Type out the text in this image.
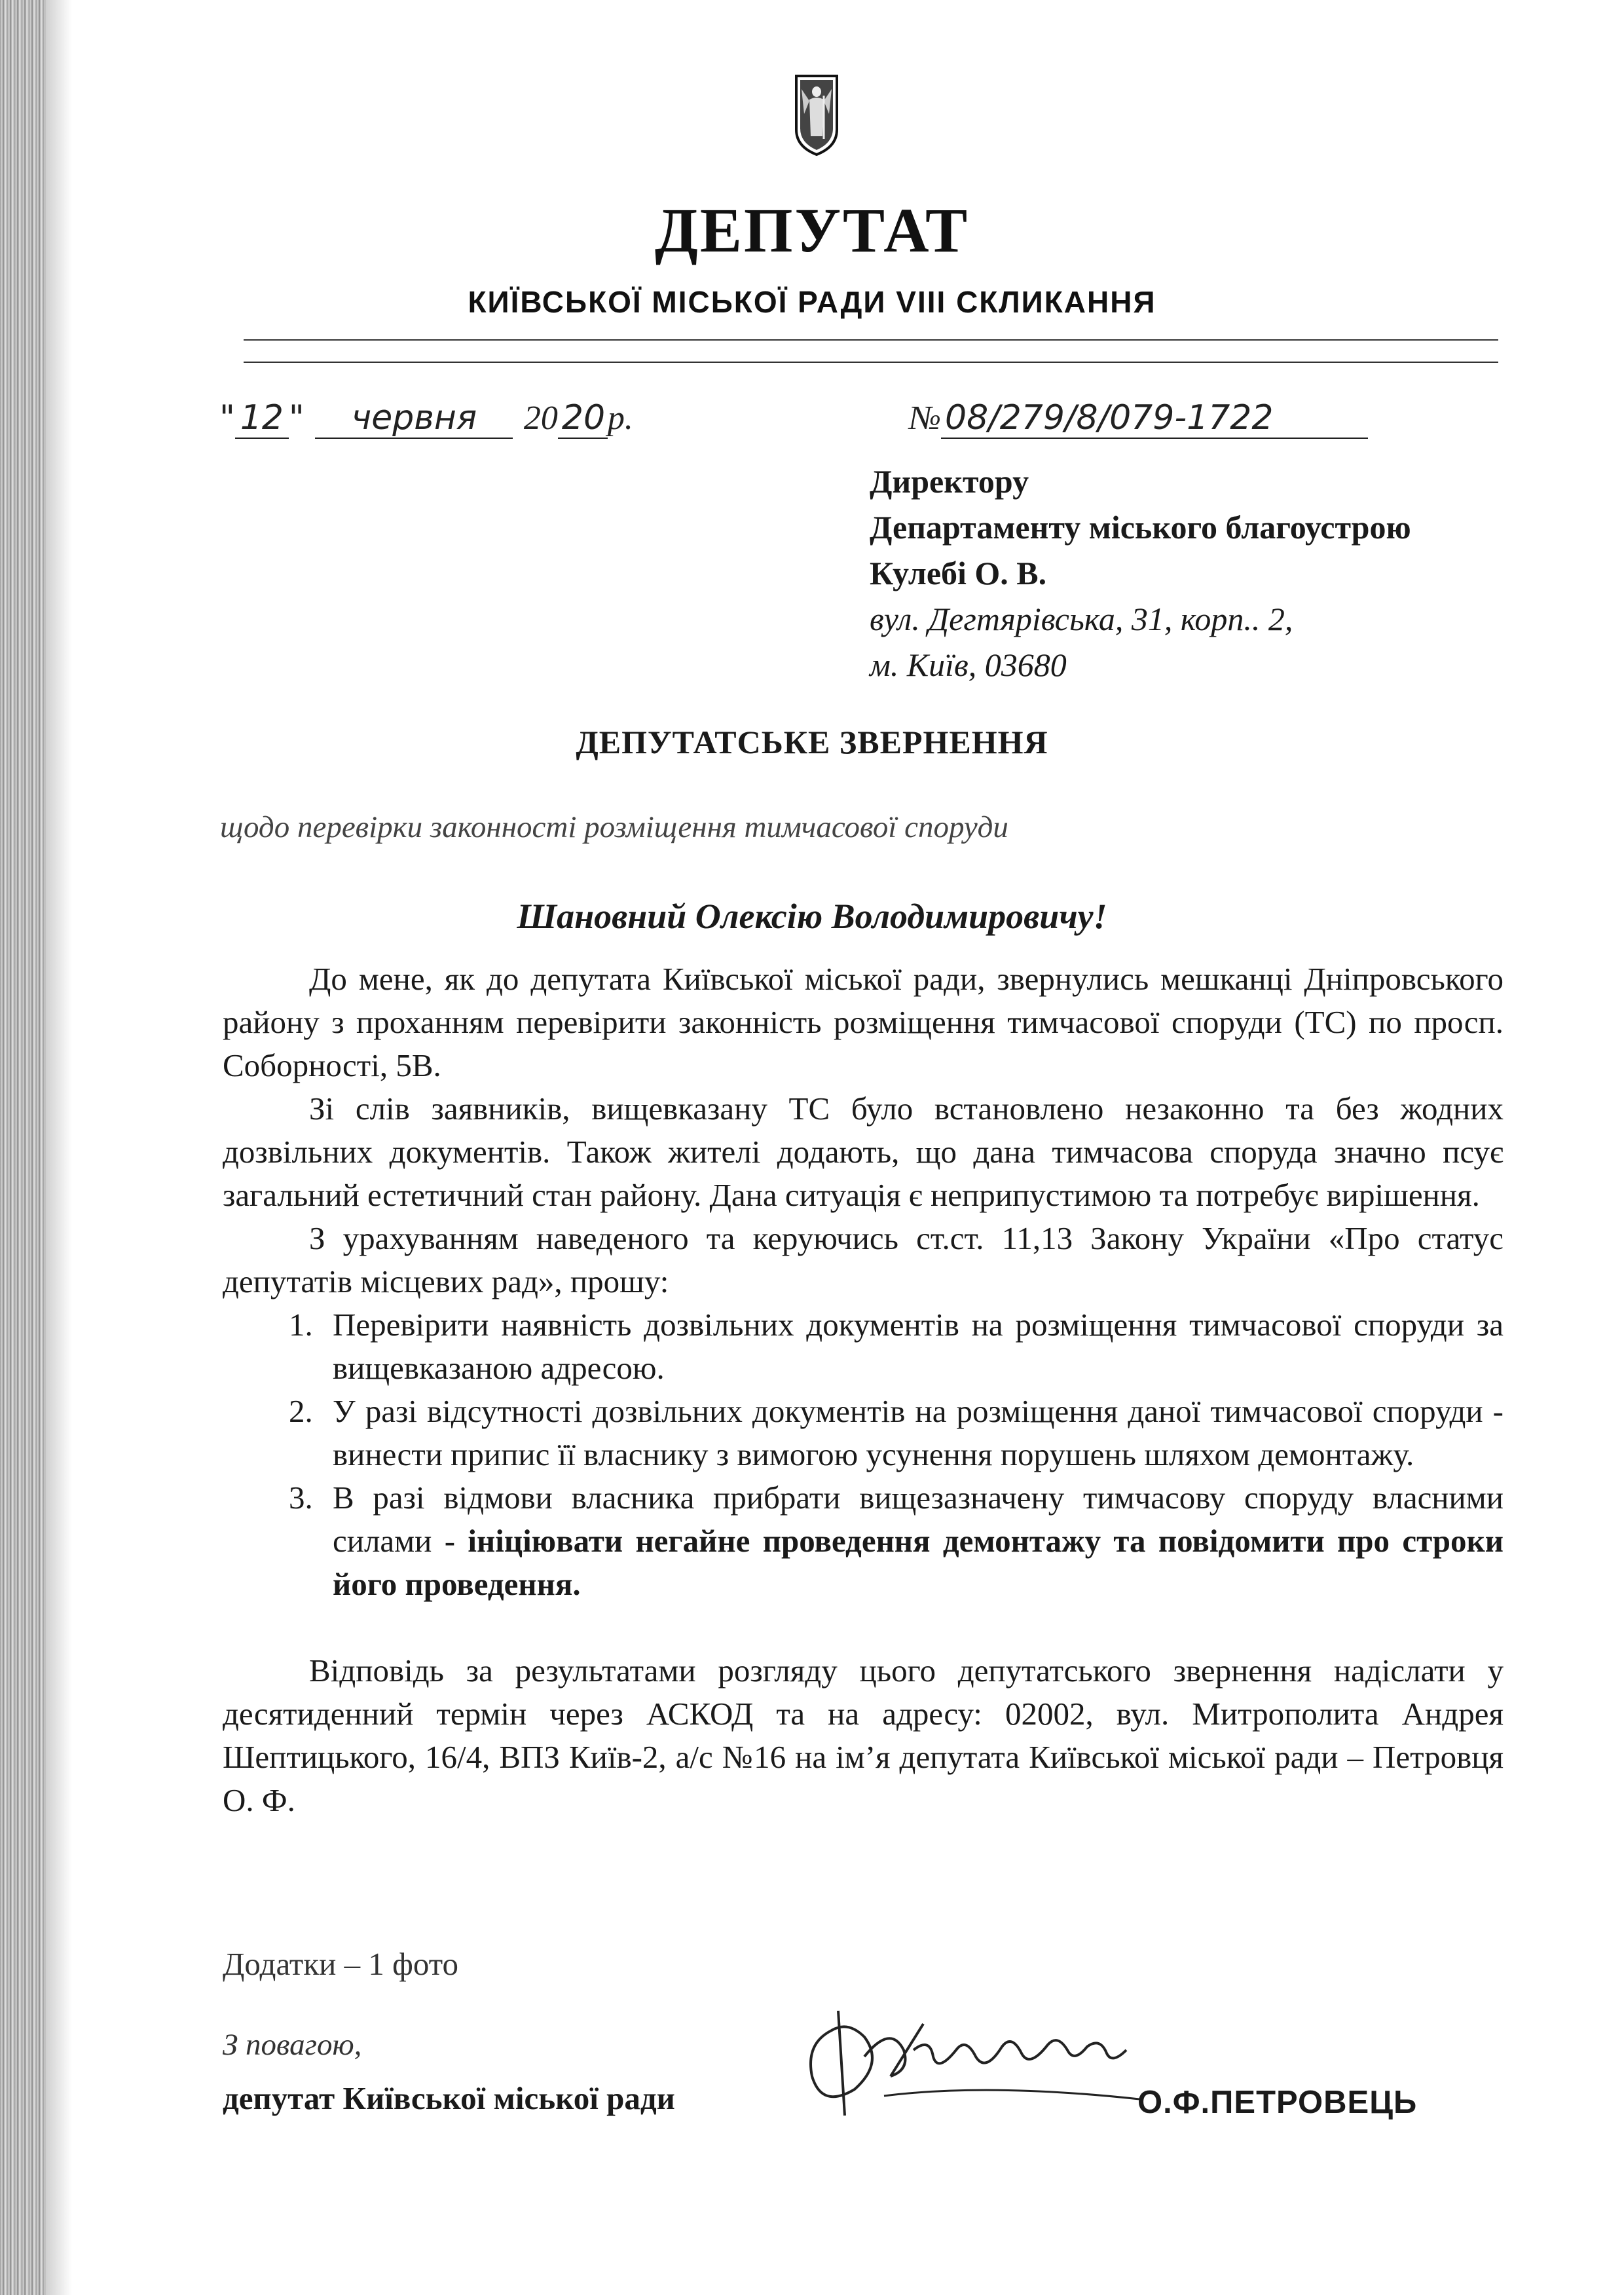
ДЕПУТАТ
КИЇВСЬКОЇ МІСЬКОЇ РАДИ VIII СКЛИКАННЯ
" 12 " червня 20 20р.	№ 08/279/8/079-1722
Директору
Департаменту міського благоустрою
Кулебі О. В.
вул. Дегтярівська, 31, корп.. 2,
м. Київ, 03680
ДЕПУТАТСЬКЕ ЗВЕРНЕННЯ
щодо перевірки законності розміщення тимчасової споруди
Шановний Олексію Володимировичу!

До мене, як до депутата Київської міської ради, звернулись мешканці Дніпровського району з проханням перевірити законність розміщення тимчасової споруди (ТС) по просп. Соборності, 5В.

Зі слів заявників, вищевказану ТС було встановлено незаконно та без жодних дозвільних документів. Також жителі додають, що дана тимчасова споруда значно псує загальний естетичний стан району. Дана ситуація є неприпустимою та потребує вирішення.

З урахуванням наведеного та керуючись ст.ст. 11,13 Закону України «Про статус депутатів місцевих рад», прошу:

1. Перевірити наявність дозвільних документів на розміщення тимчасової споруди за вищевказаною адресою.
2. У разі відсутності дозвільних документів на розміщення даної тимчасової споруди - винести припис її власнику з вимогою усунення порушень шляхом демонтажу.
3. В разі відмови власника прибрати вищезазначену тимчасову споруду власними силами - ініціювати негайне проведення демонтажу та повідомити про строки його проведення.

Відповідь за результатами розгляду цього депутатського звернення надіслати у десятиденний термін через АСКОД та на адресу: 02002, вул. Митрополита Андрея Шептицького, 16/4, ВПЗ Київ-2, а/с №16 на ім’я депутата Київської міської ради – Петровця О. Ф.

Додатки – 1 фото
З повагою,
депутат Київської міської ради	О.Ф.ПЕТРОВЕЦЬ
